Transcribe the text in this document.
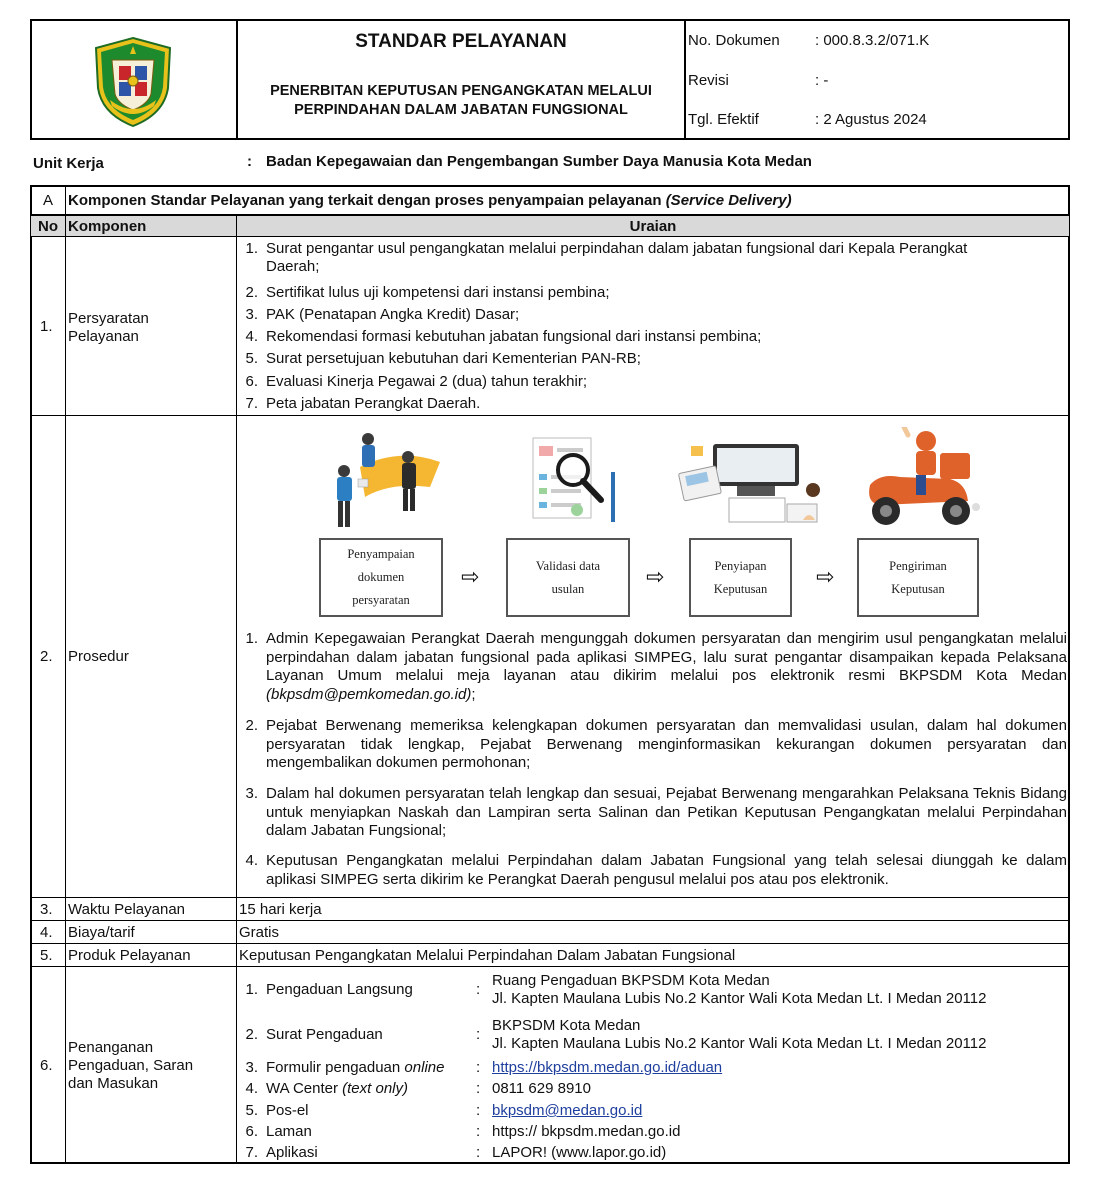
STANDAR PELAYANAN
PENERBITAN KEPUTUSAN PENGANGKATAN MELALUI
PERPINDAHAN DALAM JABATAN FUNGSIONAL
No. Dokumen : 000.8.3.2/071.K
Revisi	: -
Tgl. Efektif	: 2 Agustus 2024
Unit Kerja	: Badan Kepegawaian dan Pengembangan Sumber Daya Manusia Kota Medan
A	Komponen Standar Pelayanan yang terkait dengan proses penyampaian pelayanan (Service Delivery)
No Komponen	Uraian
1. Persyaratan
Pelayanan
1. Surat pengantar usul pengangkatan melalui perpindahan dalam jabatan fungsional dari Kepala Perangkat
Daerah;
2. Sertifikat lulus uji kompetensi dari instansi pembina;
3. PAK (Penatapan Angka Kredit) Dasar;
4. Rekomendasi formasi kebutuhan jabatan fungsional dari instansi pembina;
5. Surat persetujuan kebutuhan dari Kementerian PAN-RB;
6. Evaluasi Kinerja Pegawai 2 (dua) tahun terakhir;
7. Peta jabatan Perangkat Daerah.
2. Prosedur
Penyampaian
dokumen
persyaratan
⇨	Validasi data
usulan	⇨	Penyiapan
Keputusan ⇨	Pengiriman
Keputusan
1. Admin Kepegawaian Perangkat Daerah mengunggah dokumen persyaratan dan mengirim usul pengangkatan melalui perpindahan dalam jabatan fungsional pada aplikasi SIMPEG, lalu surat pengantar disampaikan kepada Pelaksana Layanan Umum melalui meja layanan atau dikirim melalui pos elektronik resmi BKPSDM Kota Medan (bkpsdm@pemkomedan.go.id);
2. Pejabat Berwenang memeriksa kelengkapan dokumen persyaratan dan memvalidasi usulan, dalam hal dokumen persyaratan tidak lengkap, Pejabat Berwenang menginformasikan kekurangan dokumen persyaratan dan mengembalikan dokumen permohonan;
3. Dalam hal dokumen persyaratan telah lengkap dan sesuai, Pejabat Berwenang mengarahkan Pelaksana Teknis Bidang untuk menyiapkan Naskah dan Lampiran serta Salinan dan Petikan Keputusan Pengangkatan melalui Perpindahan dalam Jabatan Fungsional;
4. Keputusan Pengangkatan melalui Perpindahan dalam Jabatan Fungsional yang telah selesai diunggah ke dalam aplikasi SIMPEG serta dikirim ke Perangkat Daerah pengusul melalui pos atau pos elektronik.
3. Waktu Pelayanan	15 hari kerja
4. Biaya/tarif	Gratis
5. Produk Pelayanan	Keputusan Pengangkatan Melalui Perpindahan Dalam Jabatan Fungsional
6.
Penanganan
Pengaduan, Saran
dan Masukan
1. Pengaduan Langsung	:
Ruang Pengaduan BKPSDM Kota Medan
Jl. Kapten Maulana Lubis No.2 Kantor Wali Kota Medan Lt. I Medan 20112
2. Surat Pengaduan	:
BKPSDM Kota Medan
Jl. Kapten Maulana Lubis No.2 Kantor Wali Kota Medan Lt. I Medan 20112
3. Formulir pengaduan online : https://bkpsdm.medan.go.id/aduan
4. WA Center (text only)	: 0811 629 8910
5. Pos-el	: bkpsdm@medan.go.id
6. Laman	: https:// bkpsdm.medan.go.id
7. Aplikasi	: LAPOR! (www.lapor.go.id)
